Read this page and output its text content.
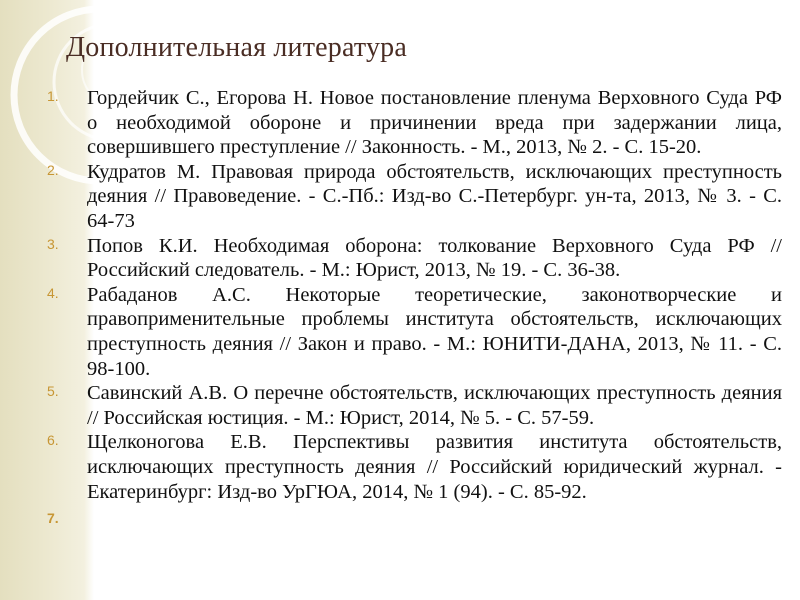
Дополнительная литература
1. Гордейчик С., Егорова Н. Новое постановление пленума Верховного Суда РФ о необходимой обороне и причинении вреда при задержании лица, совершившего преступление // Законность. - М., 2013, № 2. - С. 15-20.
2. Кудратов М. Правовая природа обстоятельств, исключающих преступность деяния // Правоведение. - С.-Пб.: Изд-во С.-Петербург. ун-та, 2013, № 3. - С. 64-73
3. Попов К.И. Необходимая оборона: толкование Верховного Суда РФ // Российский следователь. - М.: Юрист, 2013, № 19. - С. 36-38.
4. Рабаданов А.С. Некоторые теоретические, законотворческие и правоприменительные проблемы института обстоятельств, исключающих преступность деяния // Закон и право. - М.: ЮНИТИ-ДАНА, 2013, № 11. - С. 98-100.
5. Савинский А.В. О перечне обстоятельств, исключающих преступность деяния // Российская юстиция. - М.: Юрист, 2014, № 5. - С. 57-59.
6. Щелконогова Е.В. Перспективы развития института обстоятельств, исключающих преступность деяния // Российский юридический журнал. - Екатеринбург: Изд-во УрГЮА, 2014, № 1 (94). - С. 85-92.
7.
